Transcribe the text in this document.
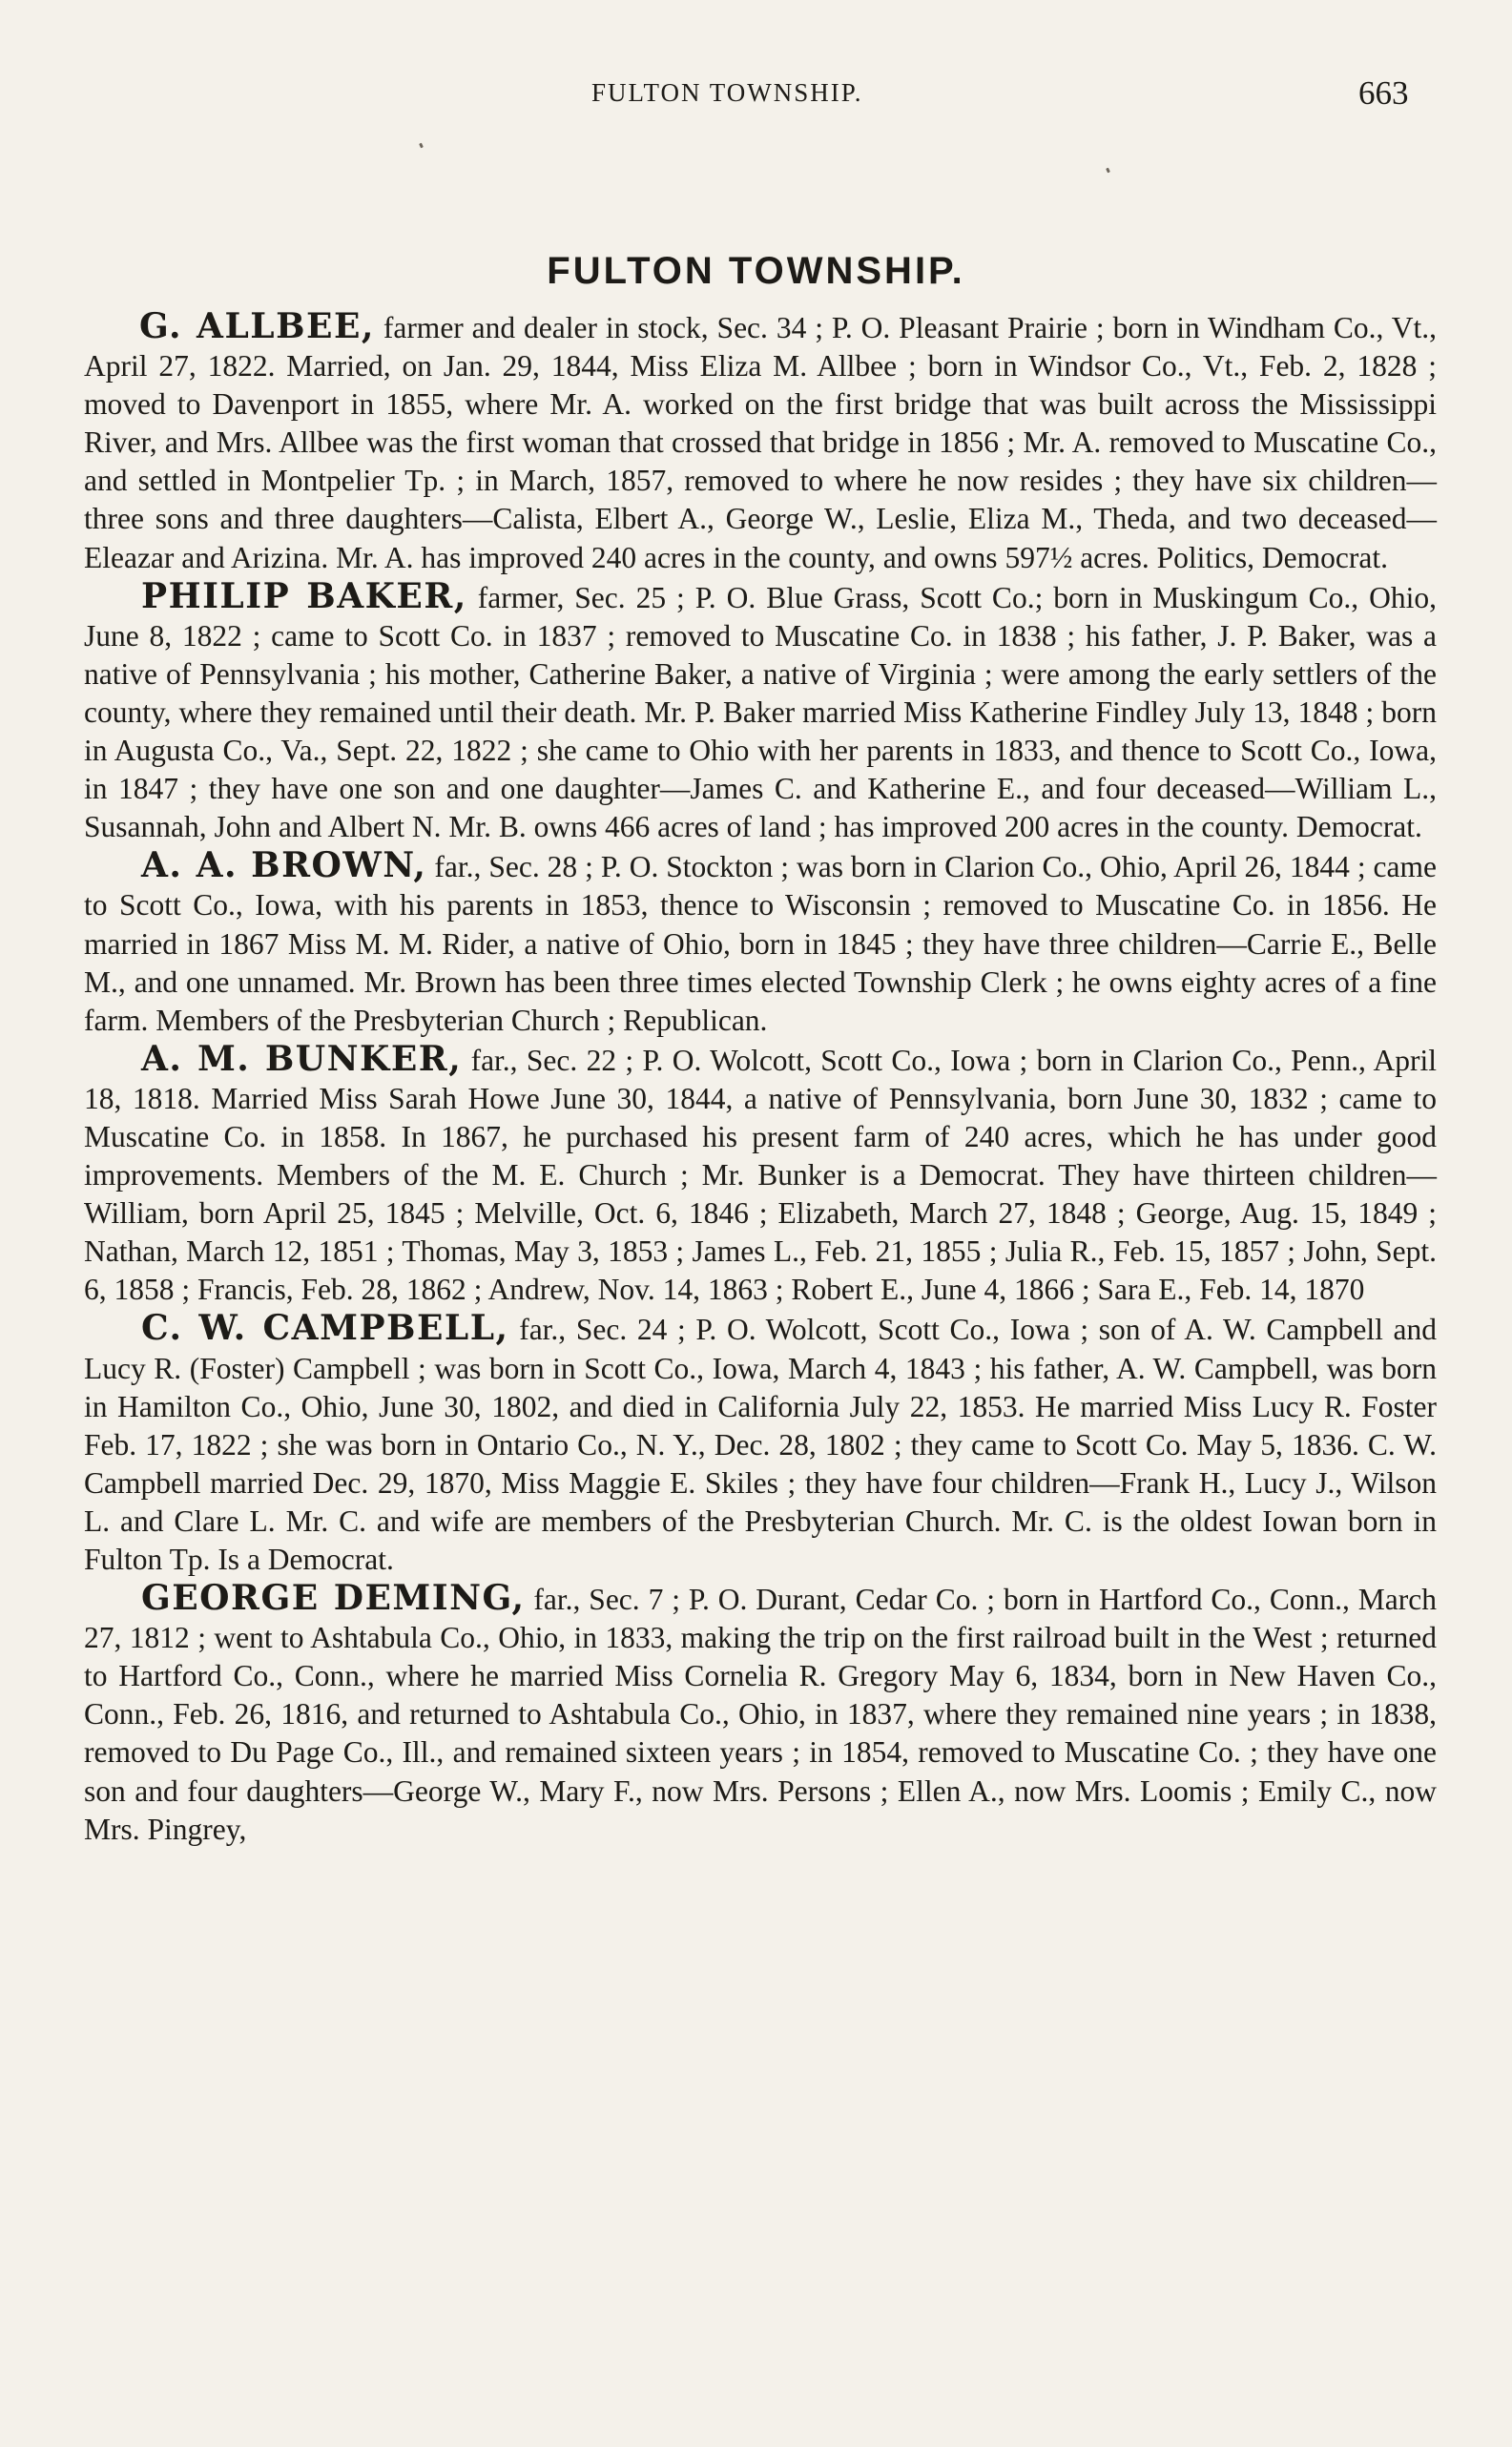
FULTON TOWNSHIP.	663
FULTON TOWNSHIP.

G. ALLBEE, farmer and dealer in stock, Sec. 34 ; P. O. Pleasant Prairie ; born in Windham Co., Vt., April 27, 1822. Married, on Jan. 29, 1844, Miss Eliza M. Allbee ; born in Windsor Co., Vt., Feb. 2, 1828 ; moved to Davenport in 1855, where Mr. A. worked on the first bridge that was built across the Mississippi River, and Mrs. Allbee was the first woman that crossed that bridge in 1856 ; Mr. A. removed to Muscatine Co., and settled in Montpelier Tp. ; in March, 1857, removed to where he now resides ; they have six children—three sons and three daughters—Calista, Elbert A., George W., Leslie, Eliza M., Theda, and two deceased—Eleazar and Arizina. Mr. A. has improved 240 acres in the county, and owns 597½ acres. Politics, Democrat.

PHILIP BAKER, farmer, Sec. 25 ; P. O. Blue Grass, Scott Co.; born in Muskingum Co., Ohio, June 8, 1822 ; came to Scott Co. in 1837 ; removed to Muscatine Co. in 1838 ; his father, J. P. Baker, was a native of Pennsylvania ; his mother, Catherine Baker, a native of Virginia ; were among the early settlers of the county, where they remained until their death. Mr. P. Baker married Miss Katherine Findley July 13, 1848 ; born in Augusta Co., Va., Sept. 22, 1822 ; she came to Ohio with her parents in 1833, and thence to Scott Co., Iowa, in 1847 ; they have one son and one daughter—James C. and Katherine E., and four deceased—William L., Susannah, John and Albert N. Mr. B. owns 466 acres of land ; has improved 200 acres in the county. Democrat.

A. A. BROWN, far., Sec. 28 ; P. O. Stockton ; was born in Clarion Co., Ohio, April 26, 1844 ; came to Scott Co., Iowa, with his parents in 1853, thence to Wisconsin ; removed to Muscatine Co. in 1856. He married in 1867 Miss M. M. Rider, a native of Ohio, born in 1845 ; they have three children—Carrie E., Belle M., and one unnamed. Mr. Brown has been three times elected Township Clerk ; he owns eighty acres of a fine farm. Members of the Presbyterian Church ; Republican.

A. M. BUNKER, far., Sec. 22 ; P. O. Wolcott, Scott Co., Iowa ; born in Clarion Co., Penn., April 18, 1818. Married Miss Sarah Howe June 30, 1844, a native of Pennsylvania, born June 30, 1832 ; came to Muscatine Co. in 1858. In 1867, he purchased his present farm of 240 acres, which he has under good improvements. Members of the M. E. Church ; Mr. Bunker is a Democrat. They have thirteen children—William, born April 25, 1845 ; Melville, Oct. 6, 1846 ; Elizabeth, March 27, 1848 ; George, Aug. 15, 1849 ; Nathan, March 12, 1851 ; Thomas, May 3, 1853 ; James L., Feb. 21, 1855 ; Julia R., Feb. 15, 1857 ; John, Sept. 6, 1858 ; Francis, Feb. 28, 1862 ; Andrew, Nov. 14, 1863 ; Robert E., June 4, 1866 ; Sara E., Feb. 14, 1870

C. W. CAMPBELL, far., Sec. 24 ; P. O. Wolcott, Scott Co., Iowa ; son of A. W. Campbell and Lucy R. (Foster) Campbell ; was born in Scott Co., Iowa, March 4, 1843 ; his father, A. W. Campbell, was born in Hamilton Co., Ohio, June 30, 1802, and died in California July 22, 1853. He married Miss Lucy R. Foster Feb. 17, 1822 ; she was born in Ontario Co., N. Y., Dec. 28, 1802 ; they came to Scott Co. May 5, 1836. C. W. Campbell married Dec. 29, 1870, Miss Maggie E. Skiles ; they have four children—Frank H., Lucy J., Wilson L. and Clare L. Mr. C. and wife are members of the Presbyterian Church. Mr. C. is the oldest Iowan born in Fulton Tp. Is a Democrat.

GEORGE DEMING, far., Sec. 7 ; P. O. Durant, Cedar Co. ; born in Hartford Co., Conn., March 27, 1812 ; went to Ashtabula Co., Ohio, in 1833, making the trip on the first railroad built in the West ; returned to Hartford Co., Conn., where he married Miss Cornelia R. Gregory May 6, 1834, born in New Haven Co., Conn., Feb. 26, 1816, and returned to Ashtabula Co., Ohio, in 1837, where they remained nine years ; in 1838, removed to Du Page Co., Ill., and remained sixteen years ; in 1854, removed to Muscatine Co. ; they have one son and four daughters—George W., Mary F., now Mrs. Persons ; Ellen A., now Mrs. Loomis ; Emily C., now Mrs. Pingrey,
